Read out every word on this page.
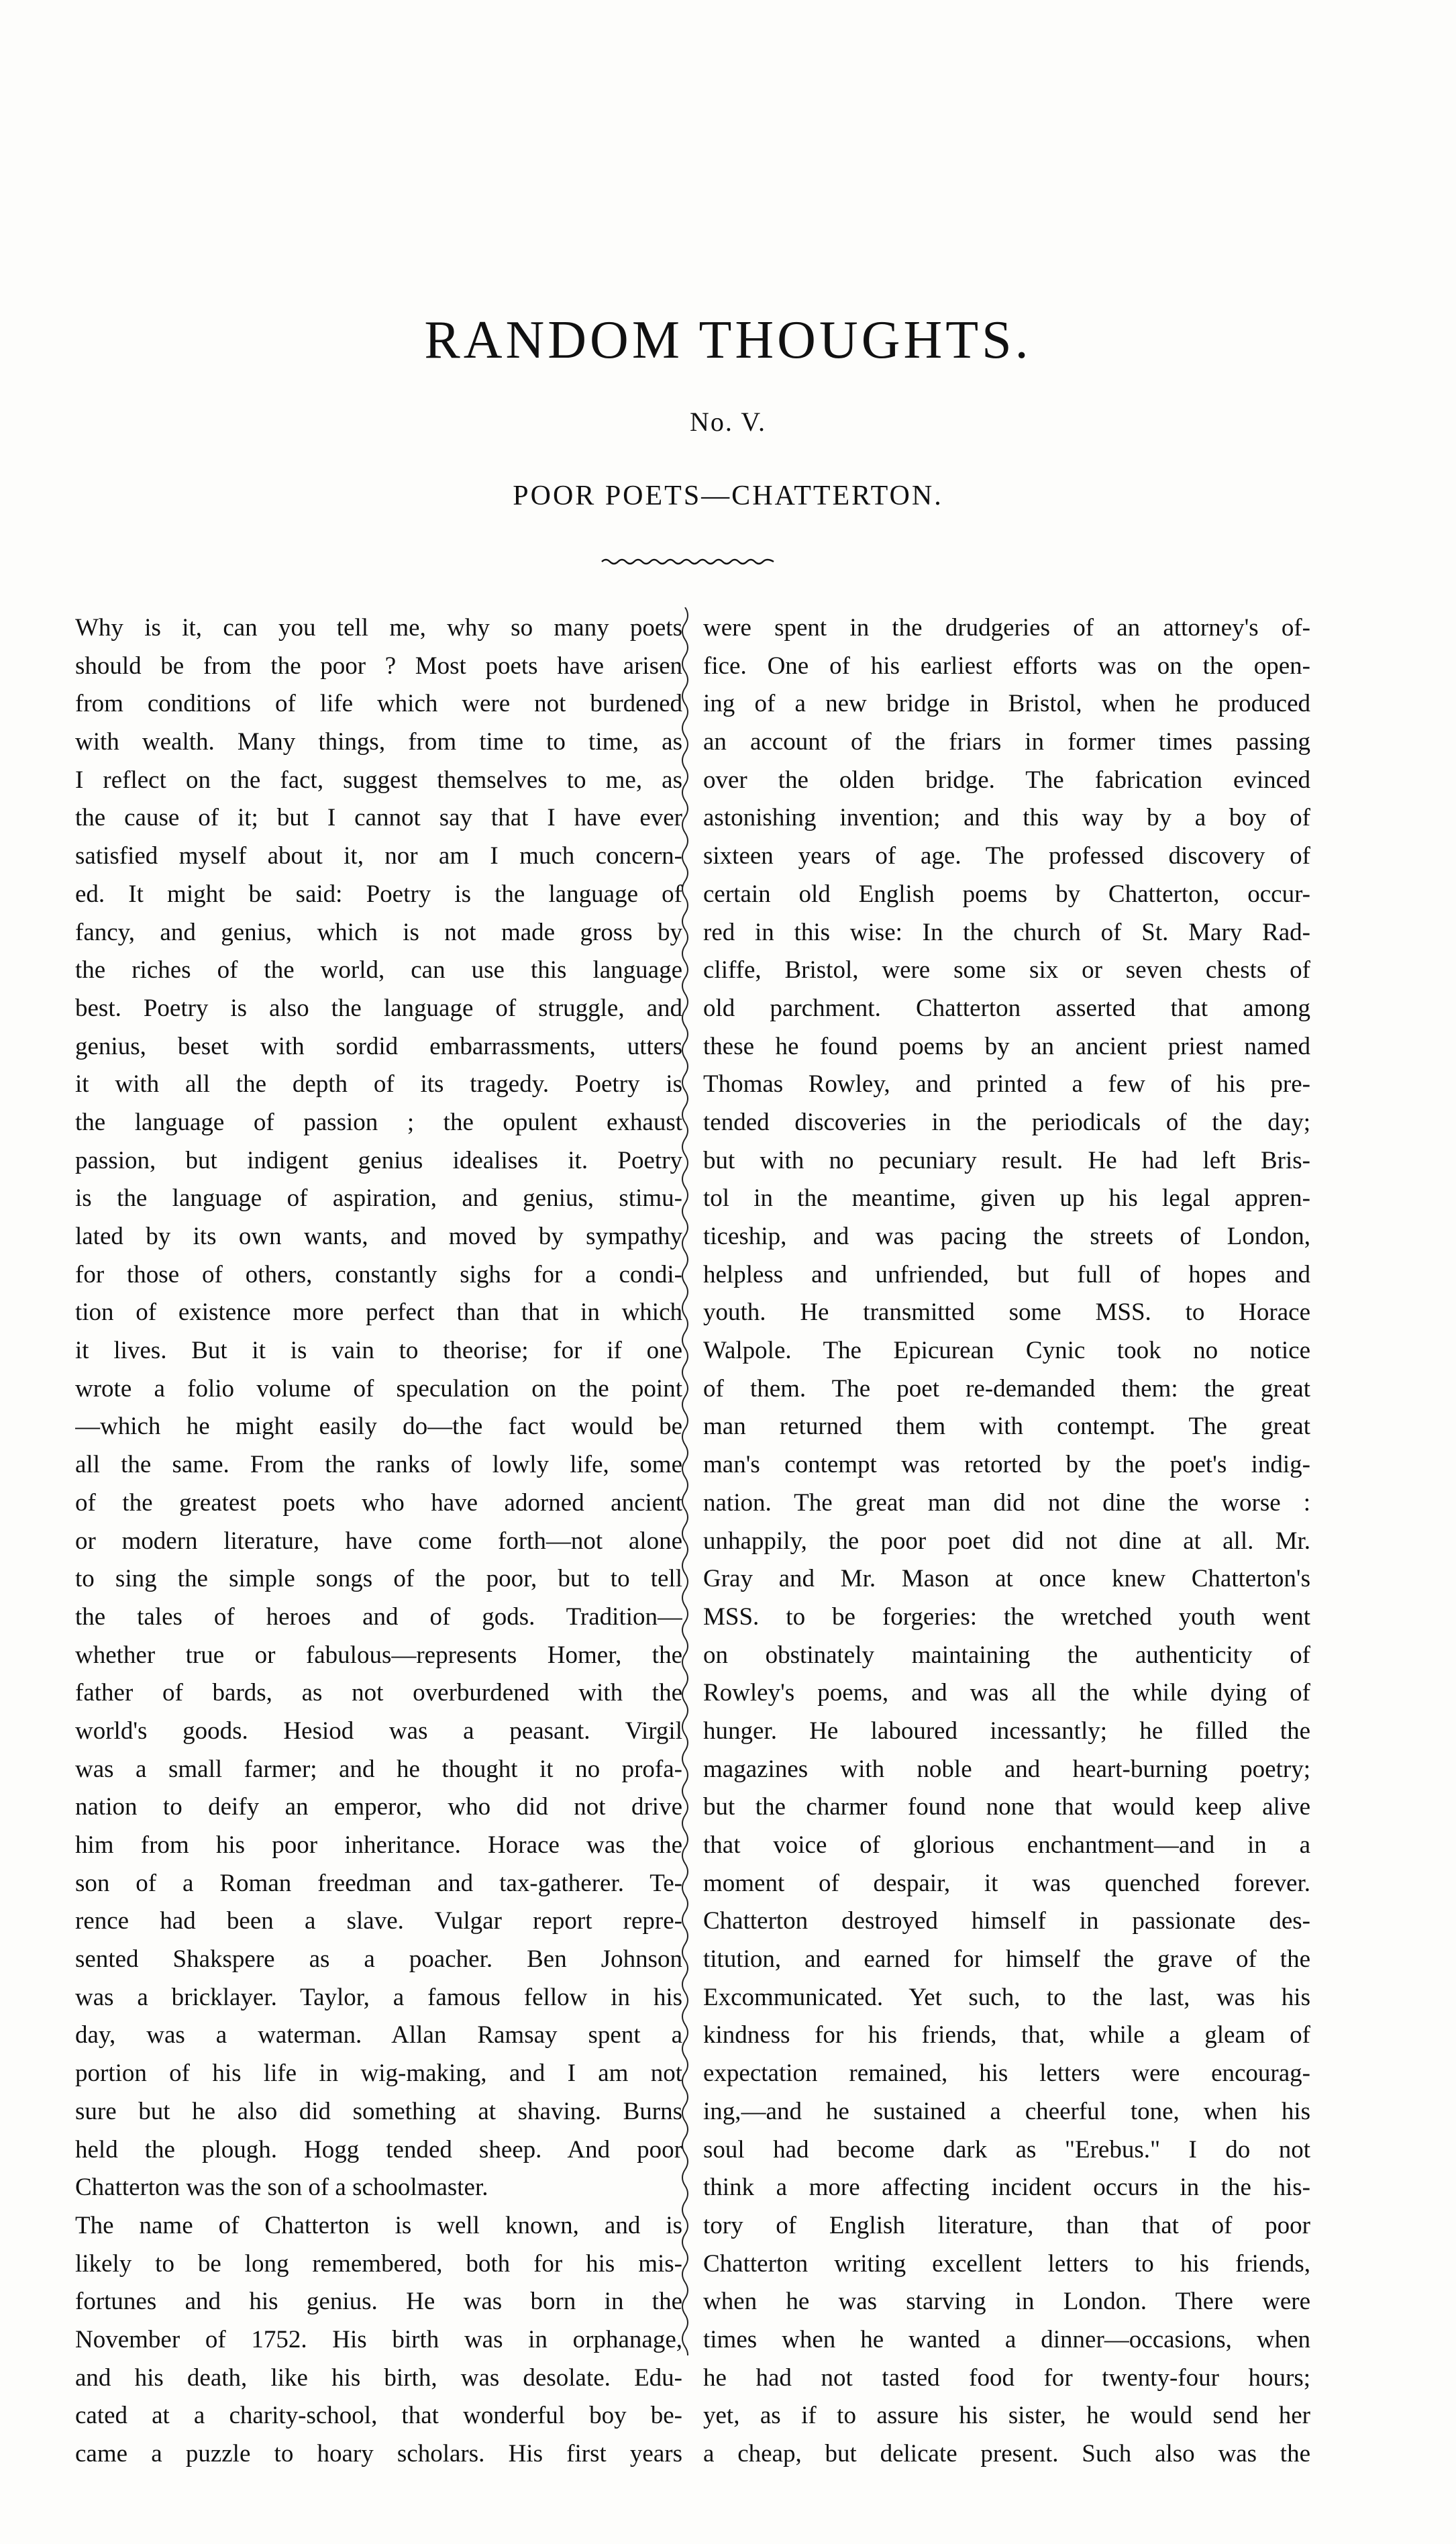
RANDOM THOUGHTS.
No. V.
POOR POETS—CHATTERTON.
Why is it, can you tell me, why so many poets
should be from the poor ? Most poets have arisen
from conditions of life which were not burdened
with wealth. Many things, from time to time, as
I reflect on the fact, suggest themselves to me, as
the cause of it; but I cannot say that I have ever
satisfied myself about it, nor am I much concern-
ed. It might be said: Poetry is the language of
fancy, and genius, which is not made gross by
the riches of the world, can use this language
best. Poetry is also the language of struggle, and
genius, beset with sordid embarrassments, utters
it with all the depth of its tragedy. Poetry is
the language of passion ; the opulent exhaust
passion, but indigent genius idealises it. Poetry
is the language of aspiration, and genius, stimu-
lated by its own wants, and moved by sympathy
for those of others, constantly sighs for a condi-
tion of existence more perfect than that in which
it lives. But it is vain to theorise; for if one
wrote a folio volume of speculation on the point
—which he might easily do—the fact would be
all the same. From the ranks of lowly life, some
of the greatest poets who have adorned ancient
or modern literature, have come forth—not alone
to sing the simple songs of the poor, but to tell
the tales of heroes and of gods. Tradition—
whether true or fabulous—represents Homer, the
father of bards, as not overburdened with the
world's goods. Hesiod was a peasant. Virgil
was a small farmer; and he thought it no profa-
nation to deify an emperor, who did not drive
him from his poor inheritance. Horace was the
son of a Roman freedman and tax-gatherer. Te-
rence had been a slave. Vulgar report repre-
sented Shakspere as a poacher. Ben Johnson
was a bricklayer. Taylor, a famous fellow in his
day, was a waterman. Allan Ramsay spent a
portion of his life in wig-making, and I am not
sure but he also did something at shaving. Burns
held the plough. Hogg tended sheep. And poor
Chatterton was the son of a schoolmaster.
The name of Chatterton is well known, and is
likely to be long remembered, both for his mis-
fortunes and his genius. He was born in the
November of 1752. His birth was in orphanage,
and his death, like his birth, was desolate. Edu-
cated at a charity-school, that wonderful boy be-
came a puzzle to hoary scholars. His first years
were spent in the drudgeries of an attorney's of-
fice. One of his earliest efforts was on the open-
ing of a new bridge in Bristol, when he produced
an account of the friars in former times passing
over the olden bridge. The fabrication evinced
astonishing invention; and this way by a boy of
sixteen years of age. The professed discovery of
certain old English poems by Chatterton, occur-
red in this wise: In the church of St. Mary Rad-
cliffe, Bristol, were some six or seven chests of
old parchment. Chatterton asserted that among
these he found poems by an ancient priest named
Thomas Rowley, and printed a few of his pre-
tended discoveries in the periodicals of the day;
but with no pecuniary result. He had left Bris-
tol in the meantime, given up his legal appren-
ticeship, and was pacing the streets of London,
helpless and unfriended, but full of hopes and
youth. He transmitted some MSS. to Horace
Walpole. The Epicurean Cynic took no notice
of them. The poet re-demanded them: the great
man returned them with contempt. The great
man's contempt was retorted by the poet's indig-
nation. The great man did not dine the worse :
unhappily, the poor poet did not dine at all. Mr.
Gray and Mr. Mason at once knew Chatterton's
MSS. to be forgeries: the wretched youth went
on obstinately maintaining the authenticity of
Rowley's poems, and was all the while dying of
hunger. He laboured incessantly; he filled the
magazines with noble and heart-burning poetry;
but the charmer found none that would keep alive
that voice of glorious enchantment—and in a
moment of despair, it was quenched forever.
Chatterton destroyed himself in passionate des-
titution, and earned for himself the grave of the
Excommunicated. Yet such, to the last, was his
kindness for his friends, that, while a gleam of
expectation remained, his letters were encourag-
ing,—and he sustained a cheerful tone, when his
soul had become dark as "Erebus." I do not
think a more affecting incident occurs in the his-
tory of English literature, than that of poor
Chatterton writing excellent letters to his friends,
when he was starving in London. There were
times when he wanted a dinner—occasions, when
he had not tasted food for twenty-four hours;
yet, as if to assure his sister, he would send her
a cheap, but delicate present. Such also was the
